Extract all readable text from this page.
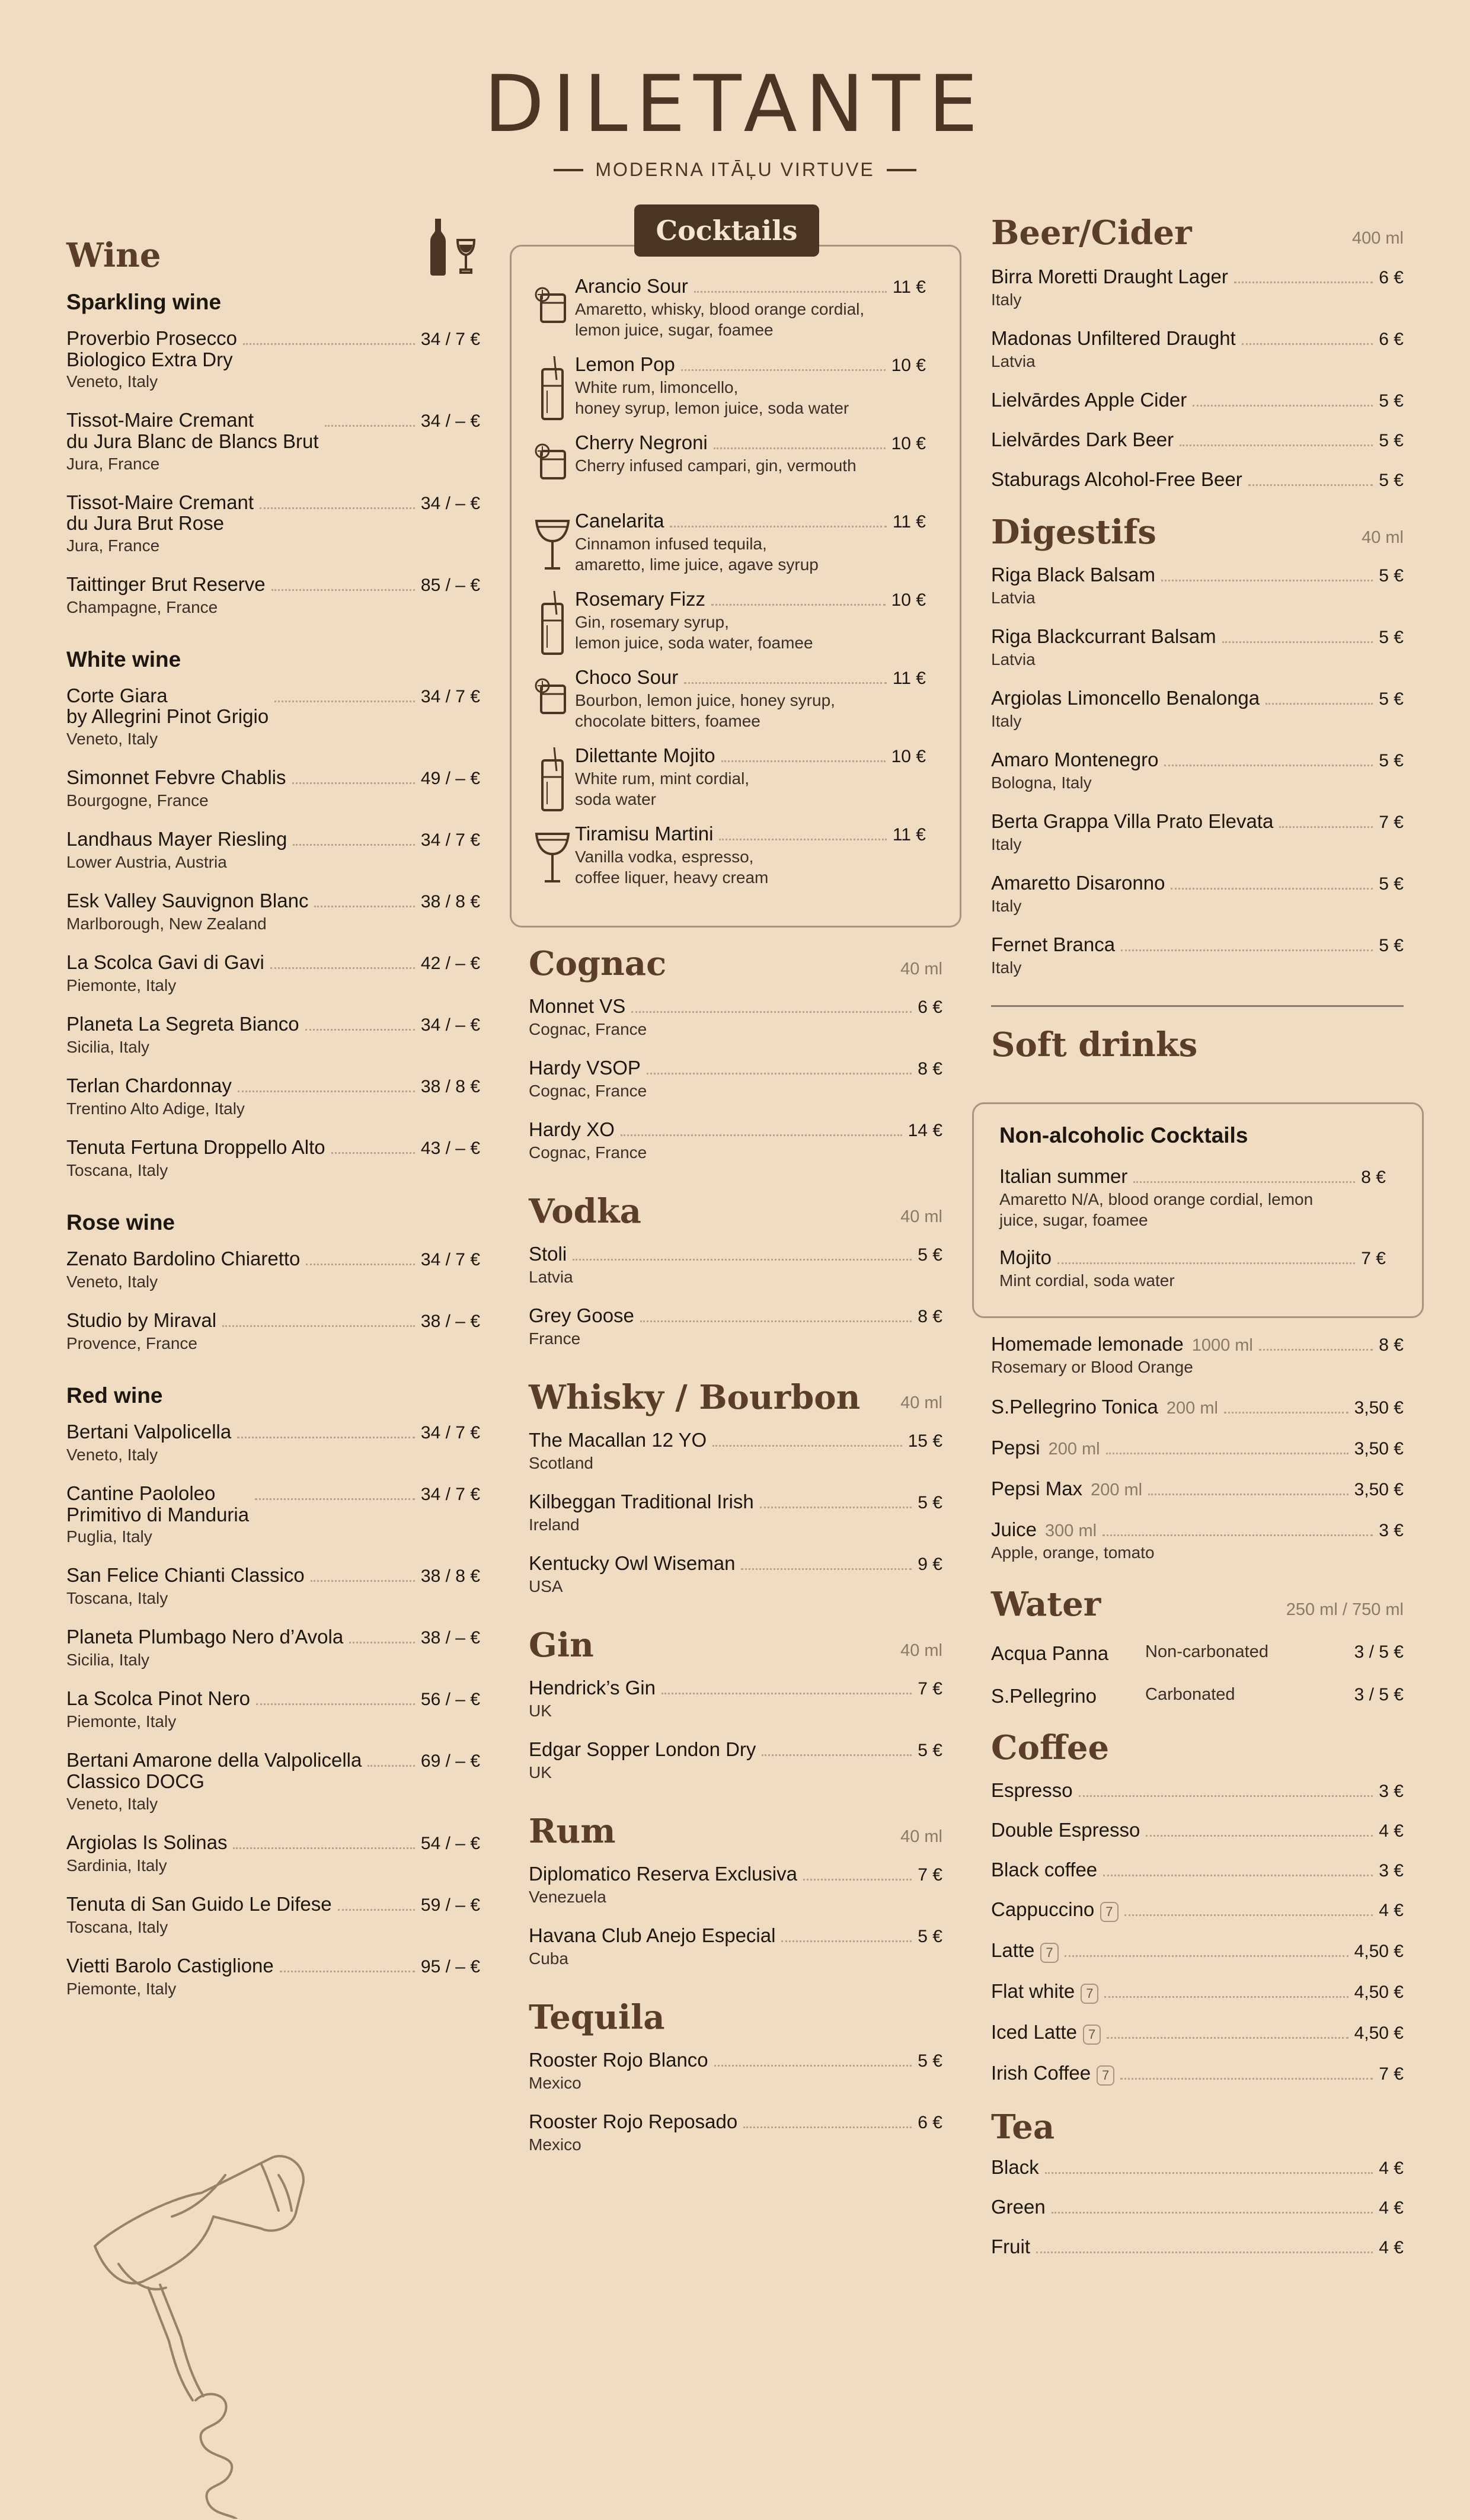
DILETANTE
MODERNA ITĀĻU VIRTUVE
Wine
Sparkling wine
Proverbio Prosecco
Biologico Extra Dry
34 / 7 €
Veneto, Italy
Tissot-Maire Cremant
du Jura Blanc de Blancs Brut
34 / – €
Jura, France
Tissot-Maire Cremant
du Jura Brut Rose
34 / – €
Jura, France
Taittinger Brut Reserve	85 / – €
Champagne, France
White wine
Corte Giara
by Allegrini Pinot Grigio
34 / 7 €
Veneto, Italy
Simonnet Febvre Chablis	49 / – €
Bourgogne, France
Landhaus Mayer Riesling	34 / 7 €
Lower Austria, Austria
Esk Valley Sauvignon Blanc	38 / 8 €
Marlborough, New Zealand
La Scolca Gavi di Gavi	42 / – €
Piemonte, Italy
Planeta La Segreta Bianco	34 / – €
Sicilia, Italy
Terlan Chardonnay	38 / 8 €
Trentino Alto Adige, Italy
Tenuta Fertuna Droppello Alto	43 / – €
Toscana, Italy
Rose wine
Zenato Bardolino Chiaretto	34 / 7 €
Veneto, Italy
Studio by Miraval	38 / – €
Provence, France
Red wine
Bertani Valpolicella	34 / 7 €
Veneto, Italy
Cantine Paololeo
Primitivo di Manduria
34 / 7 €
Puglia, Italy
San Felice Chianti Classico	38 / 8 €
Toscana, Italy
Planeta Plumbago Nero d’Avola	38 / – €
Sicilia, Italy
La Scolca Pinot Nero	56 / – €
Piemonte, Italy
Bertani Amarone della Valpolicella
Classico DOCG
69 / – €
Veneto, Italy
Argiolas Is Solinas	54 / – €
Sardinia, Italy
Tenuta di San Guido Le Difese	59 / – €
Toscana, Italy
Vietti Barolo Castiglione	95 / – €
Piemonte, Italy
Cocktails
Arancio Sour	11 €
Amaretto, whisky, blood orange cordial,
lemon juice, sugar, foamee
Lemon Pop	10 €
White rum, limoncello,
honey syrup, lemon juice, soda water
Cherry Negroni	10 €
Cherry infused campari, gin, vermouth
Canelarita	11 €
Cinnamon infused tequila,
amaretto, lime juice, agave syrup
Rosemary Fizz	10 €
Gin, rosemary syrup,
lemon juice, soda water, foamee
Choco Sour	11 €
Bourbon, lemon juice, honey syrup,
chocolate bitters, foamee
Dilettante Mojito	10 €
White rum, mint cordial,
soda water
Tiramisu Martini	11 €
Vanilla vodka, espresso,
coffee liquer, heavy cream
Cognac	40 ml
Monnet VS	6 €
Cognac, France
Hardy VSOP	8 €
Cognac, France
Hardy XO	14 €
Cognac, France
Vodka	40 ml
Stoli	5 €
Latvia
Grey Goose	8 €
France
Whisky / Bourbon 40 ml
The Macallan 12 YO	15 €
Scotland
Kilbeggan Traditional Irish	5 €
Ireland
Kentucky Owl Wiseman	9 €
USA
Gin	40 ml
Hendrick’s Gin	7 €
UK
Edgar Sopper London Dry	5 €
UK
Rum	40 ml
Diplomatico Reserva Exclusiva	7 €
Venezuela
Havana Club Anejo Especial	5 €
Cuba
Tequila
Rooster Rojo Blanco	5 €
Mexico
Rooster Rojo Reposado	6 €
Mexico
Beer/Cider	400 ml
Birra Moretti Draught Lager	6 €
Italy
Madonas Unfiltered Draught	6 €
Latvia
Lielvārdes Apple Cider	5 €
Lielvārdes Dark Beer	5 €
Staburags Alcohol-Free Beer	5 €
Digestifs	40 ml
Riga Black Balsam	5 €
Latvia
Riga Blackcurrant Balsam	5 €
Latvia
Argiolas Limoncello Benalonga	5 €
Italy
Amaro Montenegro	5 €
Bologna, Italy
Berta Grappa Villa Prato Elevata	7 €
Italy
Amaretto Disaronno	5 €
Italy
Fernet Branca	5 €
Italy
Soft drinks
Non-alcoholic Cocktails
Italian summer	8 €
Amaretto N/A, blood orange cordial, lemon
juice, sugar, foamee
Mojito	7 €
Mint cordial, soda water
Homemade lemonade 1000 ml	8 €
Rosemary or Blood Orange
S.Pellegrino Tonica 200 ml	3,50 €
Pepsi 200 ml	3,50 €
Pepsi Max 200 ml	3,50 €
Juice 300 ml	3 €
Apple, orange, tomato
Water	250 ml / 750 ml
Acqua Panna	Non-carbonated	3 / 5 €
S.Pellegrino	Carbonated	3 / 5 €
Coffee
Espresso	3 €
Double Espresso	4 €
Black coffee	3 €
Cappuccino 7	4 €
Latte 7	4,50 €
Flat white 7	4,50 €
Iced Latte 7	4,50 €
Irish Coffee 7	7 €
Tea
Black	4 €
Green	4 €
Fruit	4 €
